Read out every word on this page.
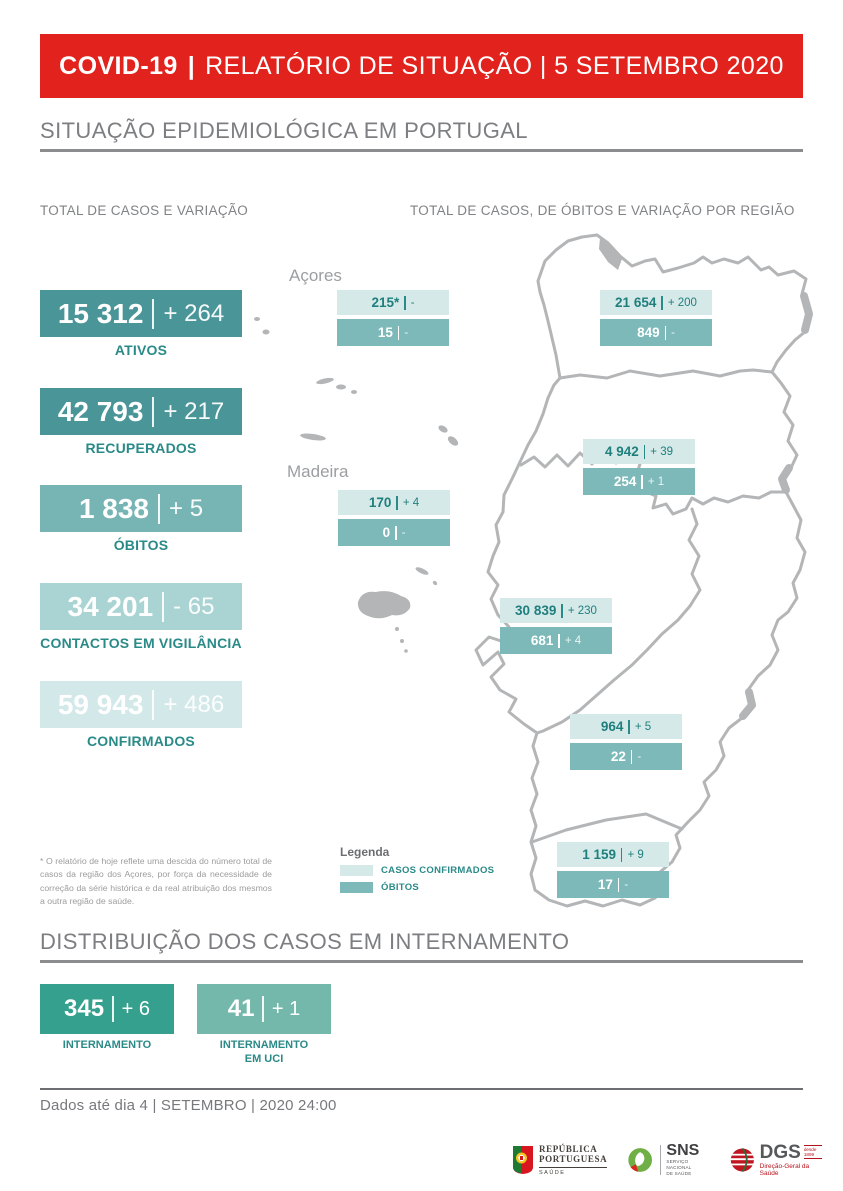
COVID-19 | RELATÓRIO DE SITUAÇÃO | 5 SETEMBRO 2020
SITUAÇÃO EPIDEMIOLÓGICA EM PORTUGAL
TOTAL DE CASOS E VARIAÇÃO	TOTAL DE CASOS, DE ÓBITOS E VARIAÇÃO POR REGIÃO
15 312 + 264
ATIVOS
42 793 + 217
RECUPERADOS
1 838 + 5
ÓBITOS
34 201 - 65
CONTACTOS EM VIGILÂNCIA
59 943 + 486
CONFIRMADOS
Açores
Madeira
215* -
15 -
21 654 + 200
849 -
4 942 + 39
254 + 1
170 + 4
0 -
30 839 + 230
681 + 4
964 + 5
22 -
1 159 + 9
17 -
Legenda
CASOS CONFIRMADOS
ÓBITOS
* O relatório de hoje reflete uma descida do número total de casos da região dos Açores, por força da necessidade de correção da série histórica e da real atribuição dos mesmos a outra região de saúde.
DISTRIBUIÇÃO DOS CASOS EM INTERNAMENTO
345 + 6
INTERNAMENTO
41 + 1
INTERNAMENTO
EM UCI
Dados até dia 4 | SETEMBRO | 2020 24:00
REPÚBLICA
PORTUGUESA
SAÚDE
SNS
SERVIÇO NACIONAL
DE SAÚDE
DGS desde 1899
Direção-Geral da Saúde
